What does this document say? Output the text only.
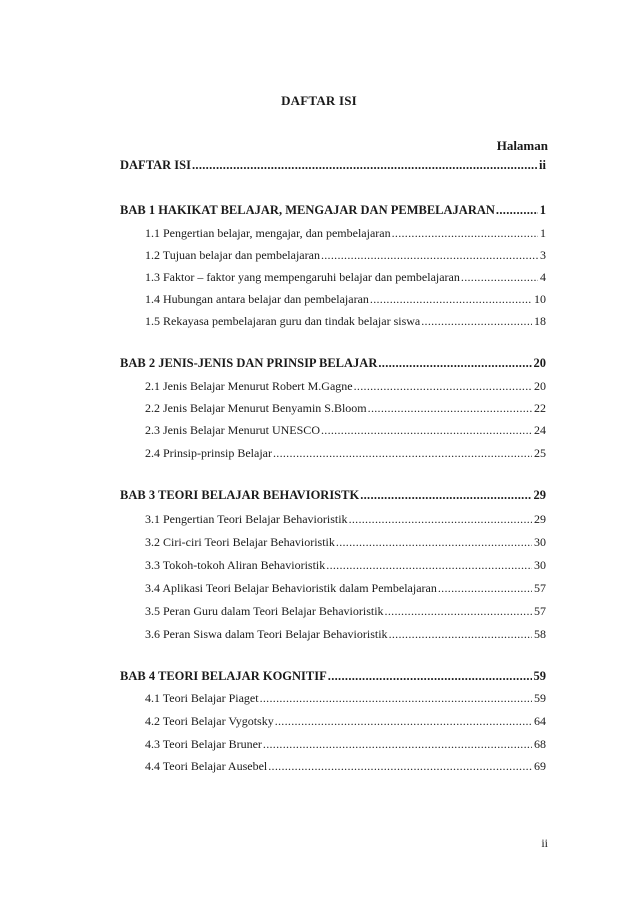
DAFTAR ISI
Halaman
DAFTAR ISI .....	ii
BAB 1 HAKIKAT BELAJAR, MENGAJAR DAN PEMBELAJARAN .....	1
1.1 Pengertian belajar, mengajar, dan pembelajaran .....	1
1.2 Tujuan belajar dan pembelajaran .....	3
1.3 Faktor – faktor yang mempengaruhi belajar dan pembelajaran .....	4
1.4 Hubungan antara belajar dan pembelajaran .....	10
1.5 Rekayasa pembelajaran guru dan tindak belajar siswa .....	18
BAB 2 JENIS-JENIS DAN PRINSIP BELAJAR .....	20
2.1 Jenis Belajar Menurut Robert M.Gagne .....	20
2.2 Jenis Belajar Menurut Benyamin S.Bloom .....	22
2.3 Jenis Belajar Menurut UNESCO .....	24
2.4 Prinsip-prinsip Belajar .....	25
BAB 3 TEORI BELAJAR BEHAVIORISTK .....	29
3.1 Pengertian Teori Belajar Behavioristik .....	29
3.2 Ciri-ciri Teori Belajar Behavioristik .....	30
3.3 Tokoh-tokoh Aliran Behavioristik .....	30
3.4 Aplikasi Teori Belajar Behavioristik dalam Pembelajaran .....	57
3.5 Peran Guru dalam Teori Belajar Behavioristik .....	57
3.6 Peran Siswa dalam Teori Belajar Behavioristik .....	58
BAB 4 TEORI BELAJAR KOGNITIF .....	59
4.1 Teori Belajar Piaget .....	59
4.2 Teori Belajar Vygotsky .....	64
4.3 Teori Belajar Bruner .....	68
4.4 Teori Belajar Ausebel .....	69
ii
